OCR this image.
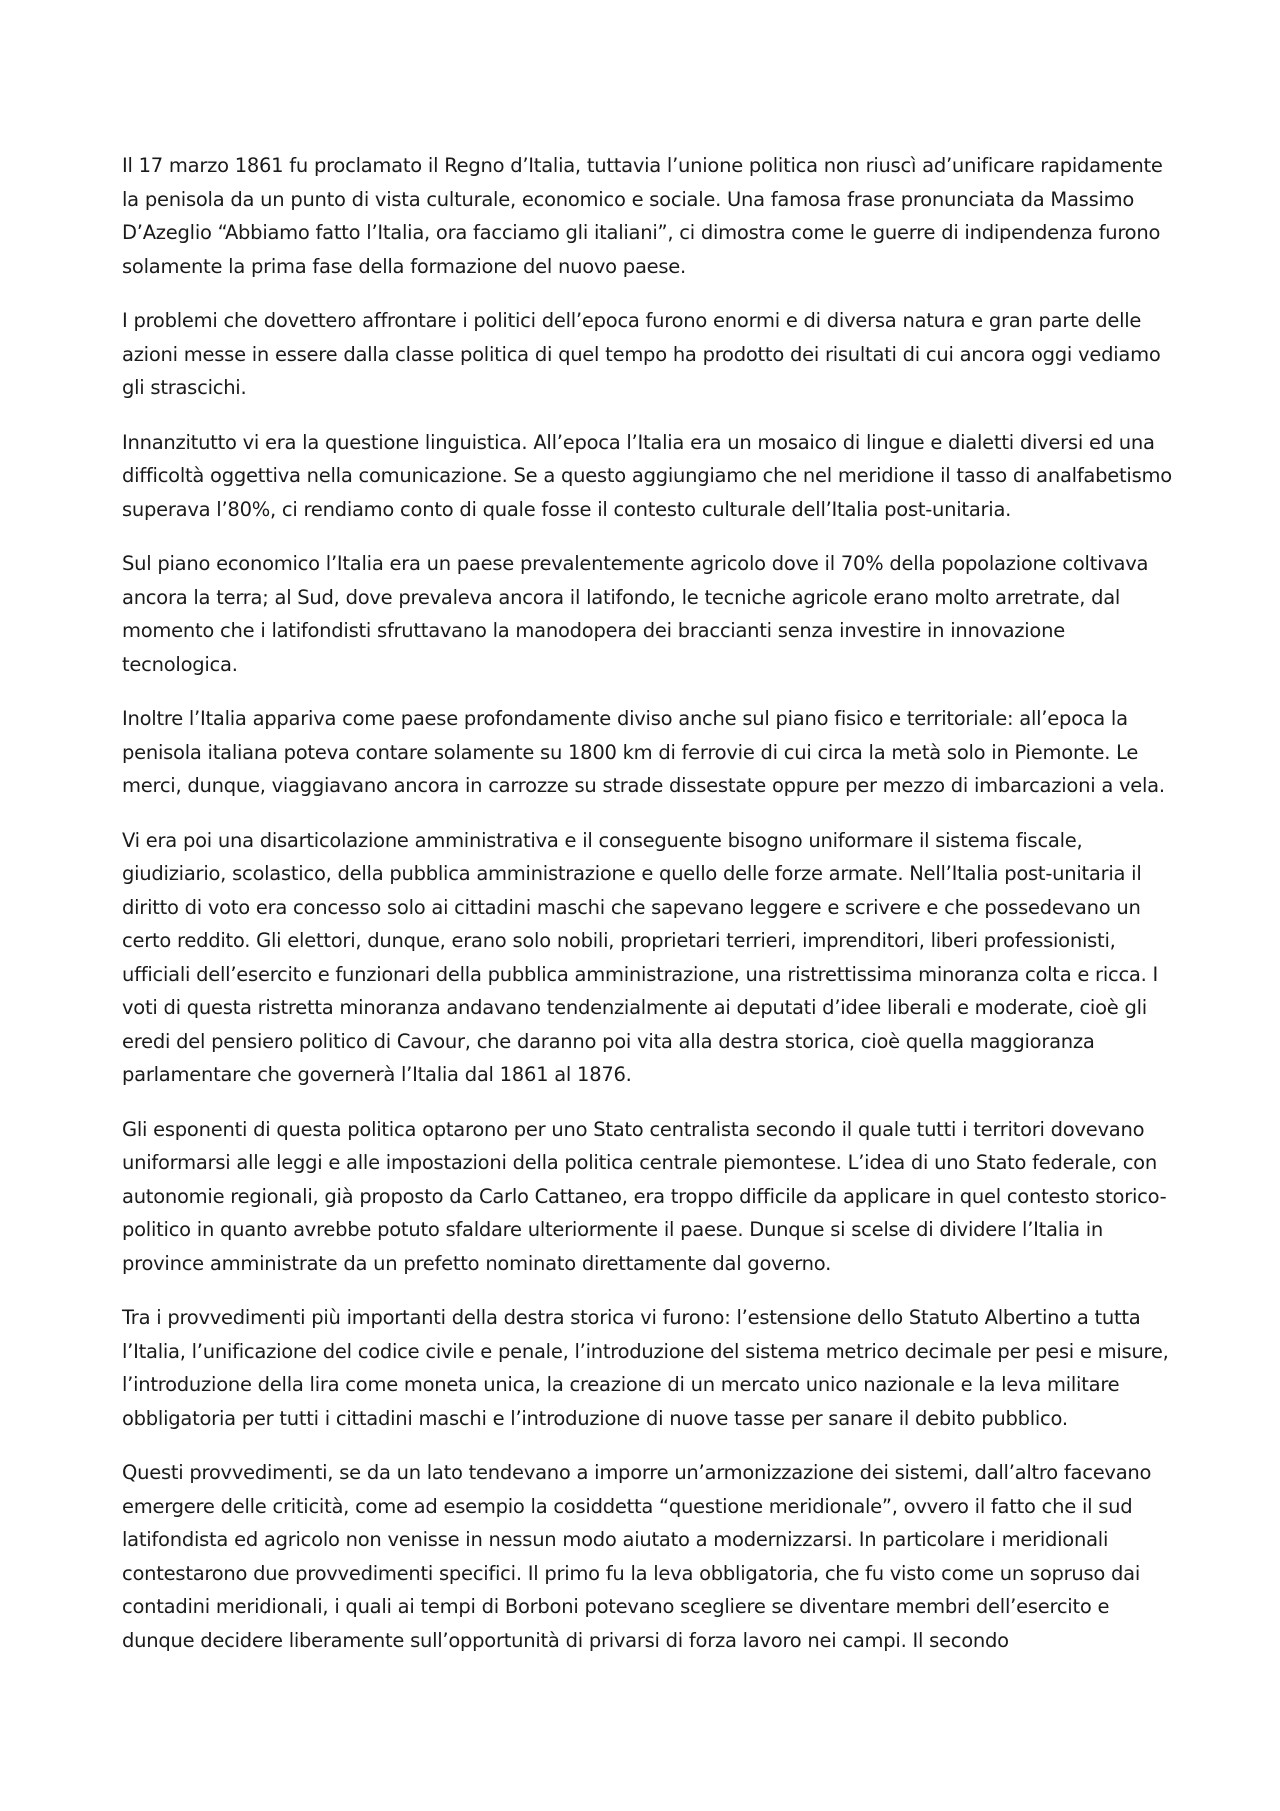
Il 17 marzo 1861 fu proclamato il Regno d’Italia, tuttavia l’unione politica non riuscì ad’unificare rapidamente la penisola da un punto di vista culturale, economico e sociale. Una famosa frase pronunciata da Massimo D’Azeglio “Abbiamo fatto l’Italia, ora facciamo gli italiani”, ci dimostra come le guerre di indipendenza furono solamente la prima fase della formazione del nuovo paese.

I problemi che dovettero affrontare i politici dell’epoca furono enormi e di diversa natura e gran parte delle azioni messe in essere dalla classe politica di quel tempo ha prodotto dei risultati di cui ancora oggi vediamo gli strascichi.

Innanzitutto vi era la questione linguistica. All’epoca l’Italia era un mosaico di lingue e dialetti diversi ed una difficoltà oggettiva nella comunicazione. Se a questo aggiungiamo che nel meridione il tasso di analfabetismo superava l’80%, ci rendiamo conto di quale fosse il contesto culturale dell’Italia post-unitaria.

Sul piano economico l’Italia era un paese prevalentemente agricolo dove il 70% della popolazione coltivava ancora la terra; al Sud, dove prevaleva ancora il latifondo, le tecniche agricole erano molto arretrate, dal momento che i latifondisti sfruttavano la manodopera dei braccianti senza investire in innovazione tecnologica.

Inoltre l’Italia appariva come paese profondamente diviso anche sul piano fisico e territoriale: all’epoca la penisola italiana poteva contare solamente su 1800 km di ferrovie di cui circa la metà solo in Piemonte. Le merci, dunque, viaggiavano ancora in carrozze su strade dissestate oppure per mezzo di imbarcazioni a vela.

Vi era poi una disarticolazione amministrativa e il conseguente bisogno uniformare il sistema fiscale, giudiziario, scolastico, della pubblica amministrazione e quello delle forze armate. Nell’Italia post-unitaria il diritto di voto era concesso solo ai cittadini maschi che sapevano leggere e scrivere e che possedevano un certo reddito. Gli elettori, dunque, erano solo nobili, proprietari terrieri, imprenditori, liberi professionisti, ufficiali dell’esercito e funzionari della pubblica amministrazione, una ristrettissima minoranza colta e ricca. I voti di questa ristretta minoranza andavano tendenzialmente ai deputati d’idee liberali e moderate, cioè gli eredi del pensiero politico di Cavour, che daranno poi vita alla destra storica, cioè quella maggioranza parlamentare che governerà l’Italia dal 1861 al 1876.

Gli esponenti di questa politica optarono per uno Stato centralista secondo il quale tutti i territori dovevano uniformarsi alle leggi e alle impostazioni della politica centrale piemontese. L’idea di uno Stato federale, con autonomie regionali, già proposto da Carlo Cattaneo, era troppo difficile da applicare in quel contesto storico-politico in quanto avrebbe potuto sfaldare ulteriormente il paese. Dunque si scelse di dividere l’Italia in province amministrate da un prefetto nominato direttamente dal governo.

Tra i provvedimenti più importanti della destra storica vi furono: l’estensione dello Statuto Albertino a tutta l’Italia, l’unificazione del codice civile e penale, l’introduzione del sistema metrico decimale per pesi e misure, l’introduzione della lira come moneta unica, la creazione di un mercato unico nazionale e la leva militare obbligatoria per tutti i cittadini maschi e l’introduzione di nuove tasse per sanare il debito pubblico.

Questi provvedimenti, se da un lato tendevano a imporre un’armonizzazione dei sistemi, dall’altro facevano emergere delle criticità, come ad esempio la cosiddetta “questione meridionale”, ovvero il fatto che il sud latifondista ed agricolo non venisse in nessun modo aiutato a modernizzarsi. In particolare i meridionali contestarono due provvedimenti specifici. Il primo fu la leva obbligatoria, che fu visto come un sopruso dai contadini meridionali, i quali ai tempi di Borboni potevano scegliere se diventare membri dell’esercito e dunque decidere liberamente sull’opportunità di privarsi di forza lavoro nei campi. Il secondo
